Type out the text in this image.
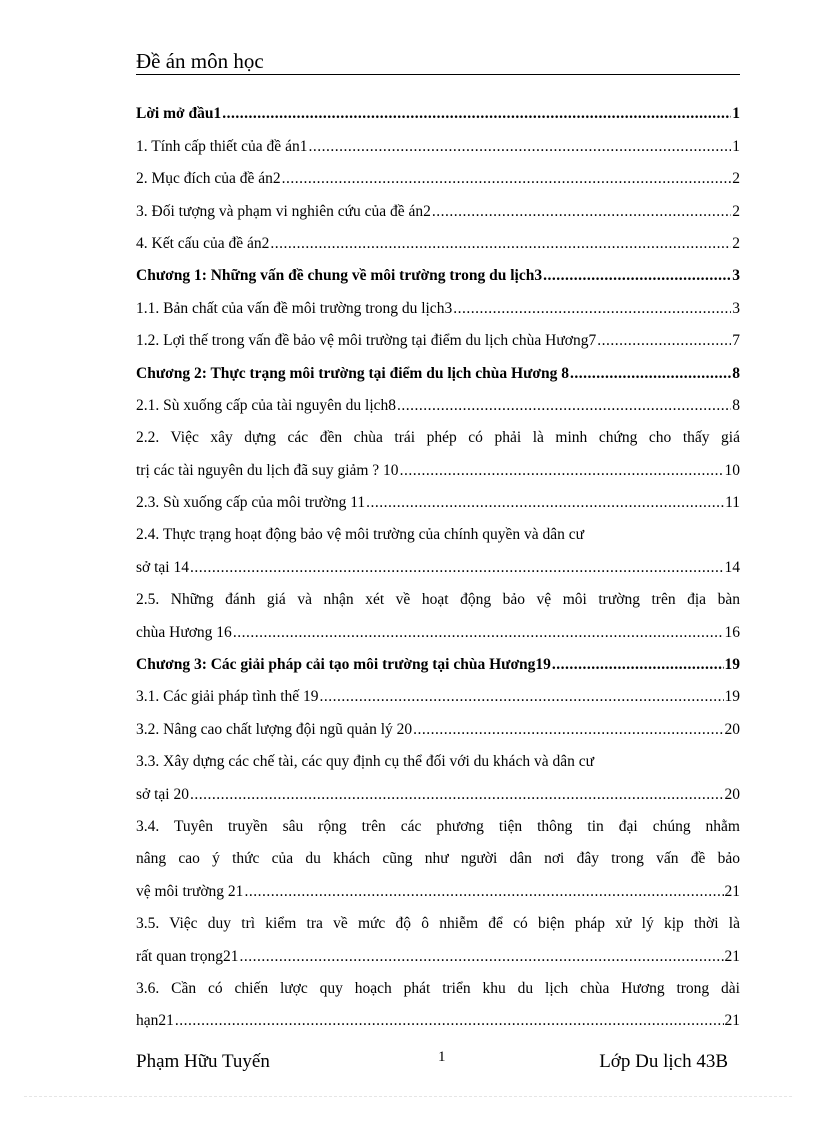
Đề án môn học
Lời mở đầu1 .....	1
1. Tính cấp thiết của đề án1 .....	1
2. Mục đích của đề án2 .....	2
3. Đối tượng và phạm vi nghiên cứu của đề án2 .....	2
4. Kết cấu của đề án2 .....	2
Chương 1: Những vấn đề chung về môi trường trong du lịch3 .....	3
1.1. Bản chất của vấn đề môi trường trong du lịch3 .....	3
1.2. Lợi thế trong vấn đề bảo vệ môi trường tại điểm du lịch chùa Hương7 .....	7
Chương 2: Thực trạng môi trường tại điểm du lịch chùa Hương 8 .....	8
2.1. Sù xuống cấp của tài nguyên du lịch8 .....	8
2.2. Việc xây dựng các đền chùa trái phép có phải là minh chứng cho thấy giá
trị các tài nguyên du lịch đã suy giảm ? 10 .....	10
2.3. Sù xuống cấp của môi trường 11 .....	11
2.4. Thực trạng hoạt động bảo vệ môi trường của chính quyền và dân cư
sở tại 14 .....	14
2.5. Những đánh giá và nhận xét về hoạt động bảo vệ môi trường trên địa bàn
chùa Hương 16 .....	16
Chương 3: Các giải pháp cải tạo môi trường tại chùa Hương19 .....	19
3.1. Các giải pháp tình thế 19 .....	19
3.2. Nâng cao chất lượng đội ngũ quản lý 20 .....	20
3.3. Xây dựng các chế tài, các quy định cụ thể đối với du khách và dân cư
sở tại 20 .....	20
3.4. Tuyên truyền sâu rộng trên các phương tiện thông tin đại chúng nhằm
nâng cao ý thức của du khách cũng như người dân nơi đây trong vấn đề bảo
vệ môi trường 21 .....	21
3.5. Việc duy trì kiểm tra về mức độ ô nhiễm để có biện pháp xử lý kịp thời là
rất quan trọng21 .....	21
3.6. Cần có chiến lược quy hoạch phát triển khu du lịch chùa Hương trong dài
hạn21 .....	21
Phạm Hữu Tuyến	1	Lớp Du lịch 43B
